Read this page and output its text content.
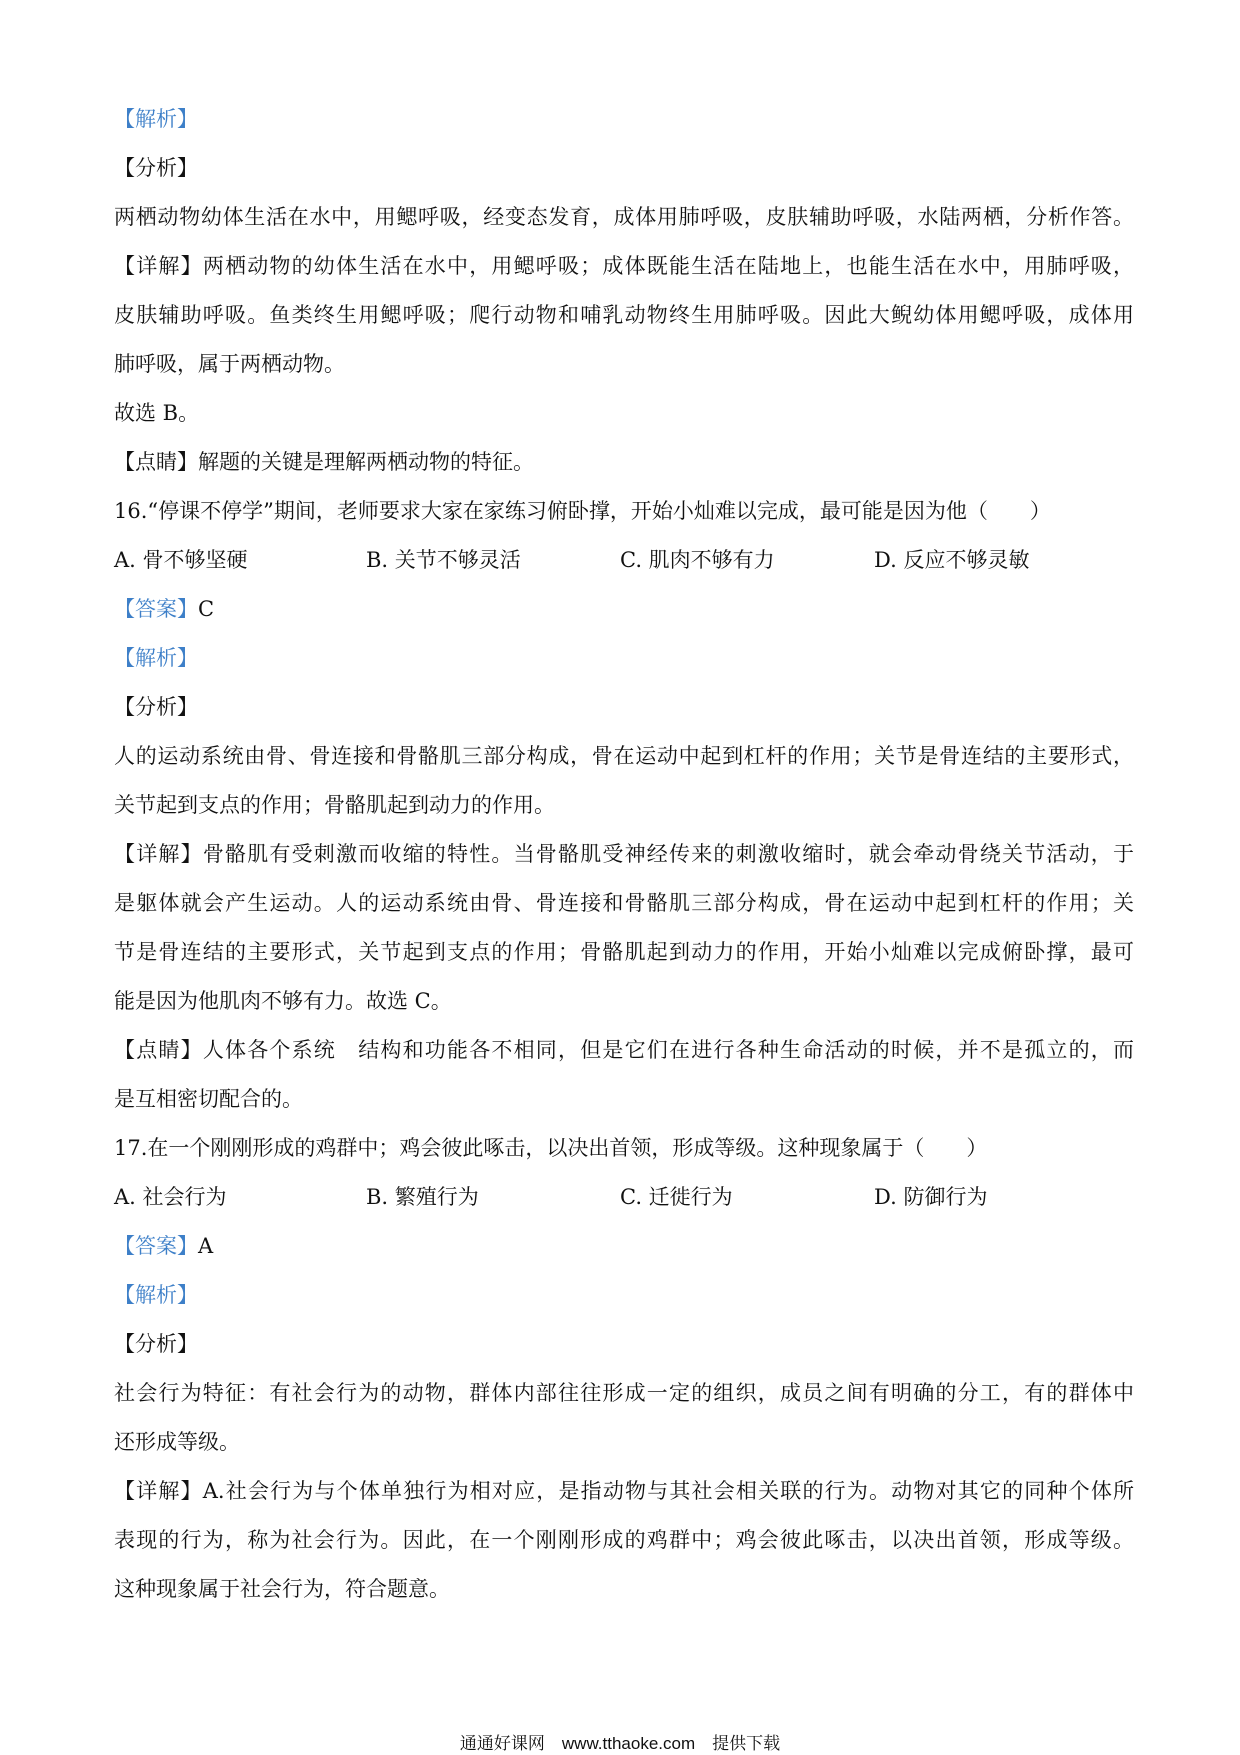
【解析】
【分析】
两栖动物幼体生活在水中，用鳃呼吸，经变态发育，成体用肺呼吸，皮肤辅助呼吸，水陆两栖，分析作答。
【详解】两栖动物的幼体生活在水中，用鳃呼吸；成体既能生活在陆地上，也能生活在水中，用肺呼吸，
皮肤辅助呼吸。鱼类终生用鳃呼吸；爬行动物和哺乳动物终生用肺呼吸。因此大鲵幼体用鳃呼吸，成体用
肺呼吸，属于两栖动物。
故选 B。
【点睛】解题的关键是理解两栖动物的特征。
16.“停课不停学”期间，老师要求大家在家练习俯卧撑，开始小灿难以完成，最可能是因为他（　　）
A. 骨不够坚硬	B. 关节不够灵活	C. 肌肉不够有力	D. 反应不够灵敏
【答案】C
【解析】
【分析】
人的运动系统由骨、骨连接和骨骼肌三部分构成，骨在运动中起到杠杆的作用；关节是骨连结的主要形式，
关节起到支点的作用；骨骼肌起到动力的作用。
【详解】骨骼肌有受刺激而收缩的特性。当骨骼肌受神经传来的刺激收缩时，就会牵动骨绕关节活动，于
是躯体就会产生运动。人的运动系统由骨、骨连接和骨骼肌三部分构成，骨在运动中起到杠杆的作用；关
节是骨连结的主要形式，关节起到支点的作用；骨骼肌起到动力的作用，开始小灿难以完成俯卧撑，最可
能是因为他肌肉不够有力。故选 C。
【点睛】人体各个系统　结构和功能各不相同，但是它们在进行各种生命活动的时候，并不是孤立的，而
是互相密切配合的。
17.在一个刚刚形成的鸡群中；鸡会彼此啄击，以决出首领，形成等级。这种现象属于（　　）
A. 社会行为	B. 繁殖行为	C. 迁徙行为	D. 防御行为
【答案】A
【解析】
【分析】
社会行为特征：有社会行为的动物，群体内部往往形成一定的组织，成员之间有明确的分工，有的群体中
还形成等级。
【详解】A.社会行为与个体单独行为相对应，是指动物与其社会相关联的行为。动物对其它的同种个体所
表现的行为，称为社会行为。因此，在一个刚刚形成的鸡群中；鸡会彼此啄击，以决出首领，形成等级。
这种现象属于社会行为，符合题意。
通通好课网　www.tthaoke.com　提供下载
